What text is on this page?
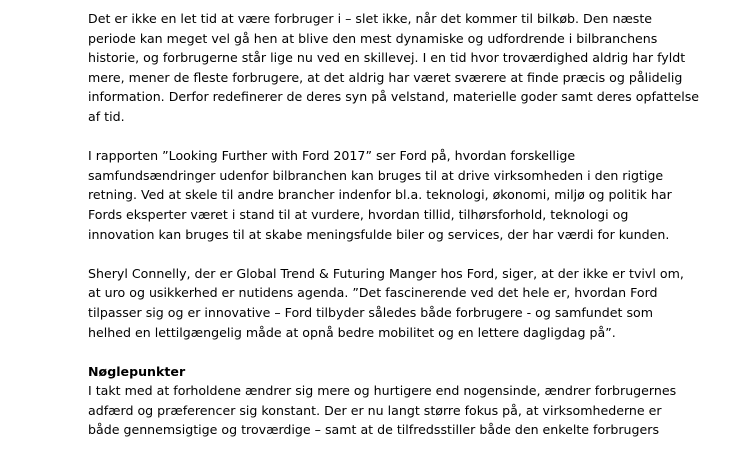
Det er ikke en let tid at være forbruger i – slet ikke, når det kommer til bilkøb. Den næste
periode kan meget vel gå hen at blive den mest dynamiske og udfordrende i bilbranchens
historie, og forbrugerne står lige nu ved en skillevej. I en tid hvor troværdighed aldrig har fyldt
mere, mener de fleste forbrugere, at det aldrig har været sværere at finde præcis og pålidelig
information. Derfor redefinerer de deres syn på velstand, materielle goder samt deres opfattelse
af tid.

I rapporten ”Looking Further with Ford 2017” ser Ford på, hvordan forskellige
samfundsændringer udenfor bilbranchen kan bruges til at drive virksomheden i den rigtige
retning. Ved at skele til andre brancher indenfor bl.a. teknologi, økonomi, miljø og politik har
Fords eksperter været i stand til at vurdere, hvordan tillid, tilhørsforhold, teknologi og
innovation kan bruges til at skabe meningsfulde biler og services, der har værdi for kunden.

Sheryl Connelly, der er Global Trend & Futuring Manger hos Ford, siger, at der ikke er tvivl om,
at uro og usikkerhed er nutidens agenda. ”Det fascinerende ved det hele er, hvordan Ford
tilpasser sig og er innovative – Ford tilbyder således både forbrugere - og samfundet som
helhed en lettilgængelig måde at opnå bedre mobilitet og en lettere dagligdag på”.

Nøglepunkter
I takt med at forholdene ændrer sig mere og hurtigere end nogensinde, ændrer forbrugernes
adfærd og præferencer sig konstant. Der er nu langt større fokus på, at virksomhederne er
både gennemsigtige og troværdige – samt at de tilfredsstiller både den enkelte forbrugers
